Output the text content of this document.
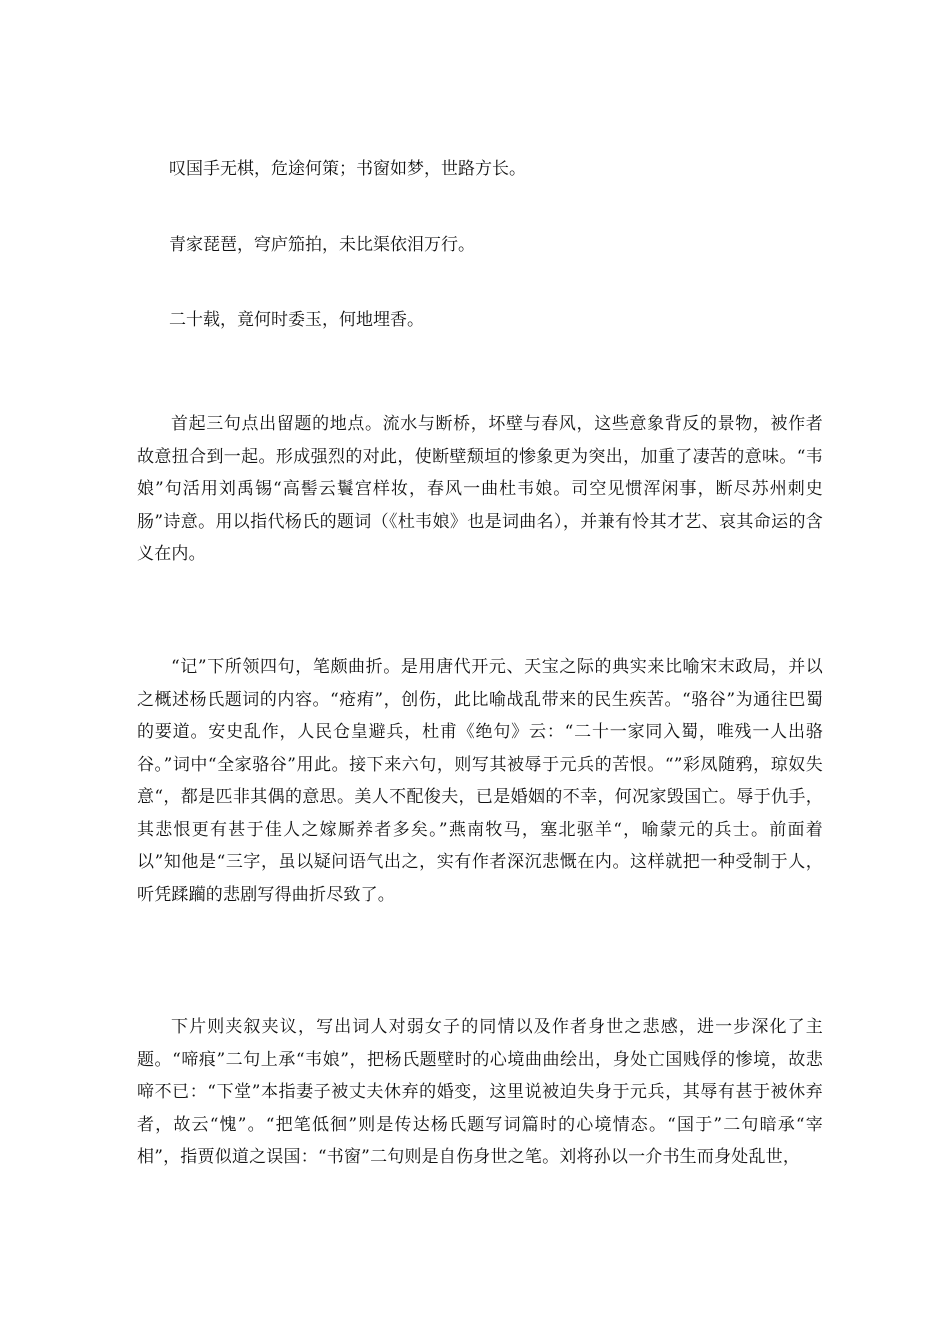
叹国手无棋，危途何策；书窗如梦，世路方长。

青家琵琶，穹庐笳拍，未比渠依泪万行。

二十载，竟何时委玉，何地埋香。

首起三句点出留题的地点。流水与断桥，坏壁与春风，这些意象背反的景物，被作者故意扭合到一起。形成强烈的对此，使断壁颓垣的惨象更为突出，加重了凄苦的意味。“韦娘”句活用刘禹锡“高髻云鬟宫样妆，春风一曲杜韦娘。司空见惯浑闲事，断尽苏州刺史肠”诗意。用以指代杨氏的题词（《杜韦娘》也是词曲名），并兼有怜其才艺、哀其命运的含义在内。

“记”下所领四句，笔颇曲折。是用唐代开元、天宝之际的典实来比喻宋末政局，并以之概述杨氏题词的内容。“疮痏”，创伤，此比喻战乱带来的民生疾苦。“骆谷”为通往巴蜀的要道。安史乱作，人民仓皇避兵，杜甫《绝句》云：“二十一家同入蜀，唯残一人出骆谷。”词中“全家骆谷”用此。接下来六句，则写其被辱于元兵的苦恨。“”彩凤随鸦，琼奴失意“，都是匹非其偶的意思。美人不配俊夫，已是婚姻的不幸，何况家毁国亡。辱于仇手，其悲恨更有甚于佳人之嫁厮养者多矣。”燕南牧马，塞北驱羊“，喻蒙元的兵士。前面着以”知他是“三字，虽以疑问语气出之，实有作者深沉悲慨在内。这样就把一种受制于人，听凭蹂躏的悲剧写得曲折尽致了。

下片则夹叙夹议，写出词人对弱女子的同情以及作者身世之悲感，进一步深化了主题。“啼痕”二句上承“韦娘”，把杨氏题壁时的心境曲曲绘出，身处亡国贱俘的惨境，故悲啼不已：“下堂”本指妻子被丈夫休弃的婚变，这里说被迫失身于元兵，其辱有甚于被休弃者，故云“愧”。“把笔低徊”则是传达杨氏题写词篇时的心境情态。“国于”二句暗承“宰相”，指贾似道之误国：“书窗”二句则是自伤身世之笔。刘将孙以一介书生而身处乱世，
